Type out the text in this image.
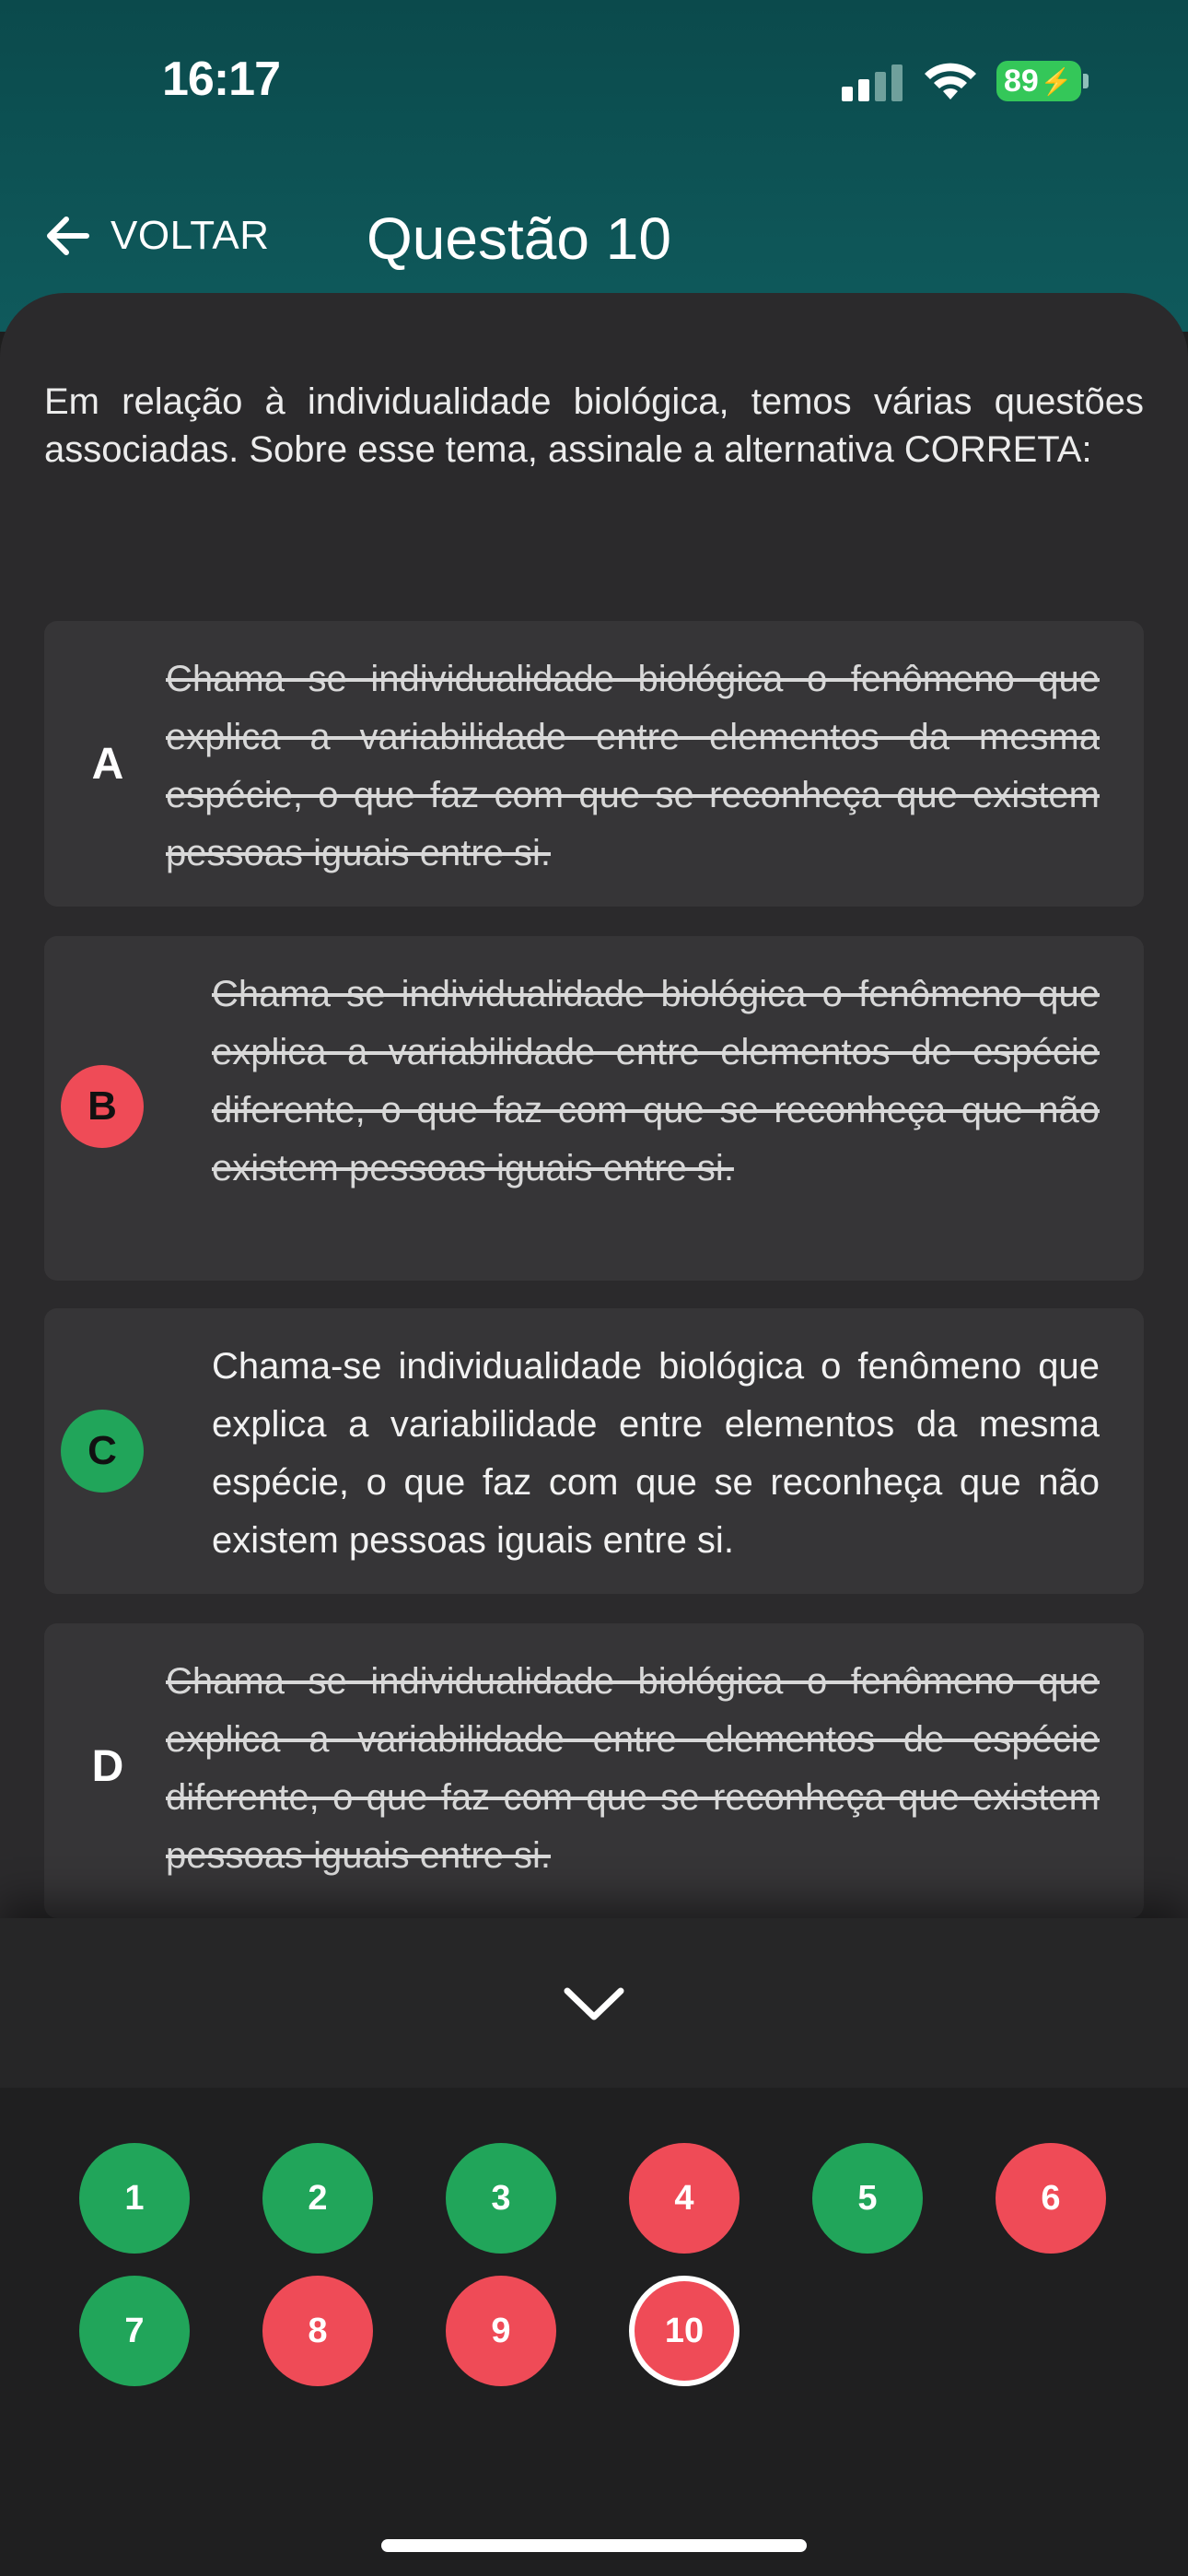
16:17	89 ⚡
VOLTAR Questão 10
Em relação à individualidade biológica, temos várias questões associadas. Sobre esse tema, assinale a alternativa CORRETA:
A
Chama se individualidade biológica o fenômeno que explica a variabilidade entre elementos da mesma espécie, o que faz com que se reconheça que existem pessoas iguais entre si.
B
Chama se individualidade biológica o fenômeno que explica a variabilidade entre elementos de espécie diferente, o que faz com que se reconheça que não existem pessoas iguais entre si.
C
Chama-se individualidade biológica o fenômeno que explica a variabilidade entre elementos da mesma espécie, o que faz com que se reconheça que não existem pessoas iguais entre si.
D
Chama se individualidade biológica o fenômeno que explica a variabilidade entre elementos de espécie diferente, o que faz com que se reconheça que existem pessoas iguais entre si.
1	2	3	4	5	6
7	8	9	10
